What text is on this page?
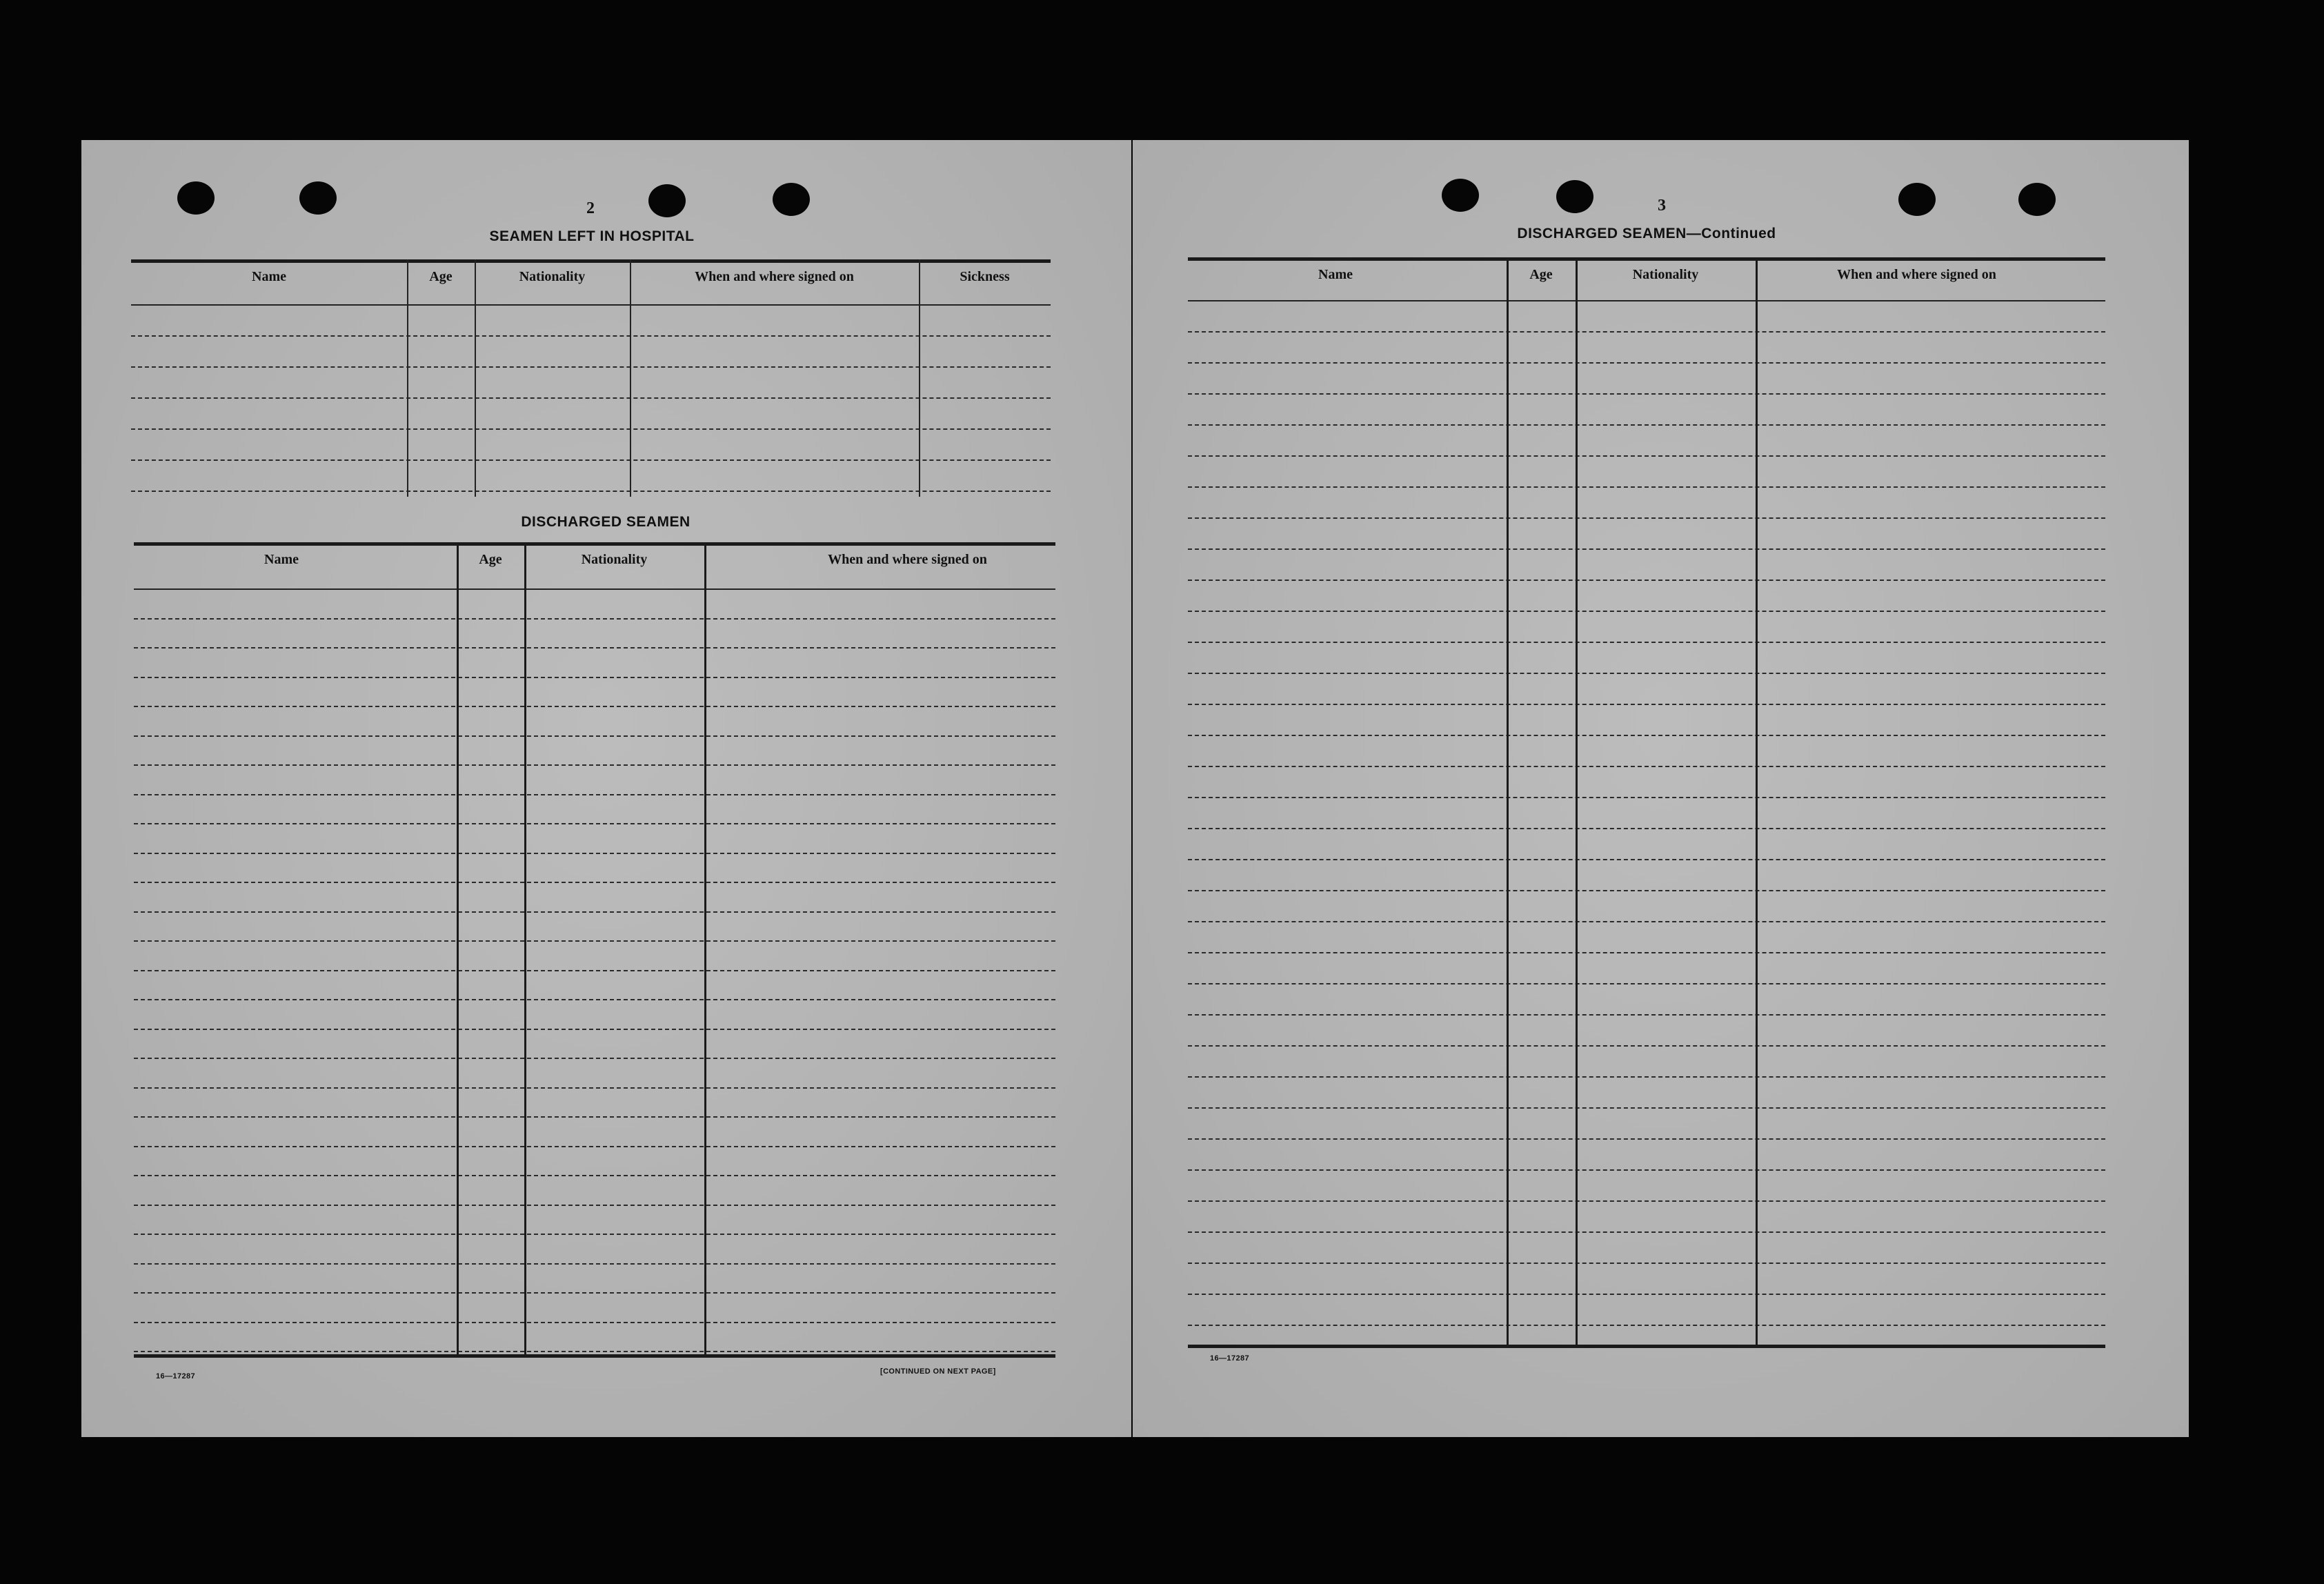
2
SEAMEN LEFT IN HOSPITAL
Name	Age	Nationality	When and where signed on	Sickness
DISCHARGED SEAMEN
Name	Age	Nationality	When and where signed on
16—17287
[CONTINUED ON NEXT PAGE]
3
DISCHARGED SEAMEN—Continued
Name	Age	Nationality	When and where signed on
16—17287
